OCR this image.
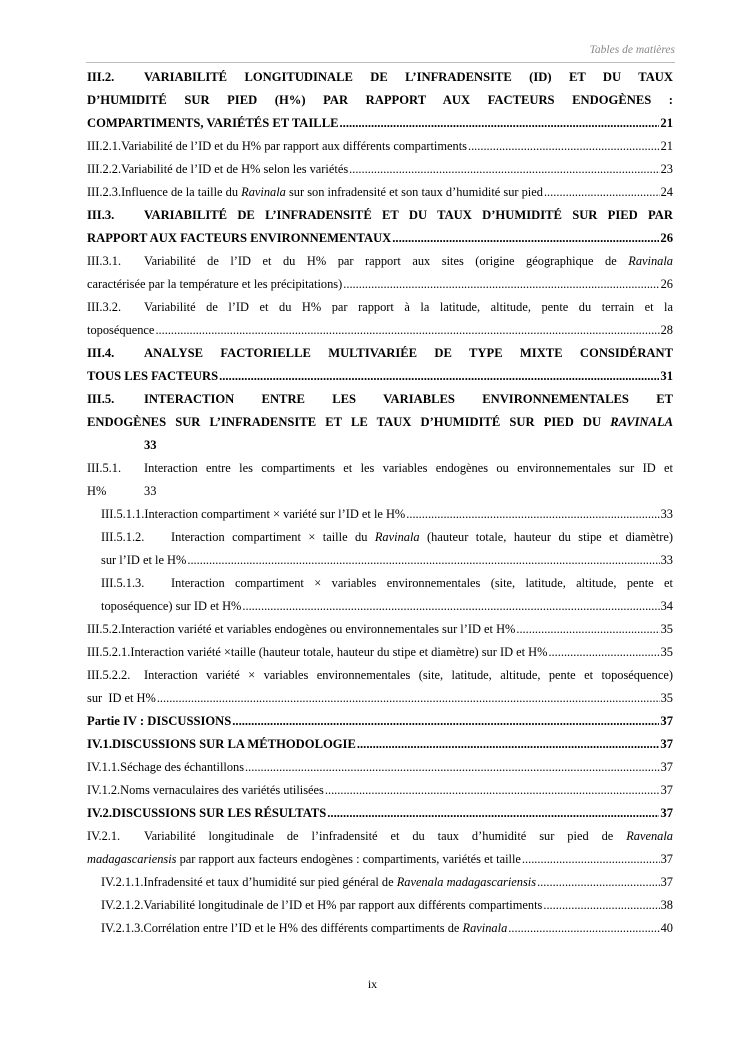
Tables de matières
III.2. VARIABILITÉ LONGITUDINALE DE L’INFRADENSITE (ID) ET DU TAUX
D’HUMIDITÉ SUR PIED (H%) PAR RAPPORT AUX FACTEURS ENDOGÈNES :
COMPARTIMENTS, VARIÉTÉS ET TAILLE .....	21
III.2.1. Variabilité de l’ID et du H% par rapport aux différents compartiments .....	21
III.2.2. Variabilité de l’ID et de H% selon les variétés .....	23
III.2.3. Influence de la taille du Ravinala sur son infradensité et son taux d’humidité sur pied .....	24
III.3. VARIABILITÉ DE L’INFRADENSITÉ ET DU TAUX D’HUMIDITÉ SUR PIED PAR
RAPPORT AUX FACTEURS ENVIRONNEMENTAUX .....	26
III.3.1. Variabilité de l’ID et du H% par rapport aux sites (origine géographique de Ravinala
caractérisée par la température et les précipitations) .....	26
III.3.2. Variabilité de l’ID et du H% par rapport à la latitude, altitude, pente du terrain et la
toposéquence .....	28
III.4. ANALYSE FACTORIELLE MULTIVARIÉE DE TYPE MIXTE CONSIDÉRANT
TOUS LES FACTEURS .....	31
III.5. INTERACTION ENTRE LES VARIABLES ENVIRONNEMENTALES ET
ENDOGÈNES SUR L’INFRADENSITE ET LE TAUX D’HUMIDITÉ SUR PIED DU RAVINALA
33
III.5.1. Interaction entre les compartiments et les variables endogènes ou environnementales sur ID et
H%	33
III.5.1.1. Interaction compartiment × variété sur l’ID et le H% .....	33
III.5.1.2. Interaction compartiment × taille du Ravinala (hauteur totale, hauteur du stipe et diamètre)
sur l’ID et le H% .....	33
III.5.1.3. Interaction compartiment × variables environnementales (site, latitude, altitude, pente et
toposéquence) sur ID et H% .....	34
III.5.2. Interaction variété et variables endogènes ou environnementales sur l’ID et H% .....	35
III.5.2.1. Interaction variété ×taille (hauteur totale, hauteur du stipe et diamètre) sur ID et H% .....	35
III.5.2.2. Interaction variété × variables environnementales (site, latitude, altitude, pente et toposéquence)
sur  ID et H% .....	35
Partie IV : DISCUSSIONS .....	37
IV.1. DISCUSSIONS SUR LA MÉTHODOLOGIE .....	37
IV.1.1. Séchage des échantillons .....	37
IV.1.2. Noms vernaculaires des variétés utilisées .....	37
IV.2. DISCUSSIONS SUR LES RÉSULTATS .....	37
IV.2.1. Variabilité longitudinale de l’infradensité et du taux d’humidité sur pied de Ravenala
madagascariensis par rapport aux facteurs endogènes : compartiments, variétés et taille .....	37
IV.2.1.1. Infradensité et taux d’humidité sur pied général de Ravenala madagascariensis .....	37
IV.2.1.2. Variabilité longitudinale de l’ID et H% par rapport aux différents compartiments .....	38
IV.2.1.3. Corrélation entre l’ID et le H% des différents compartiments de Ravinala .....	40
ix
